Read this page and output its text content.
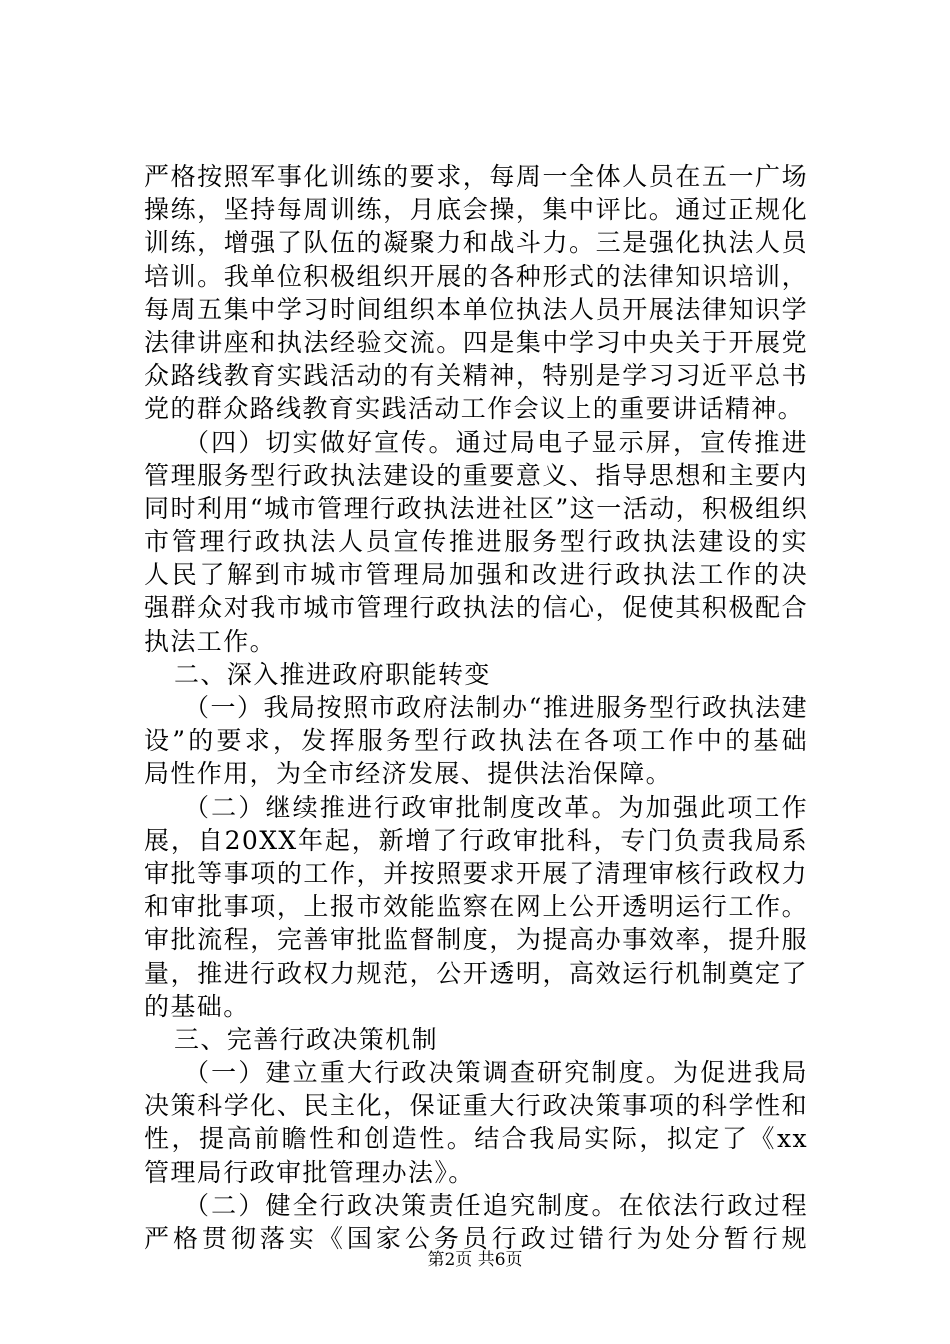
严格按照军事化训练的要求，每周一全体人员在五一广场
操练，坚持每周训练，月底会操，集中评比。通过正规化
训练，增强了队伍的凝聚力和战斗力。三是强化执法人员
培训。我单位积极组织开展的各种形式的法律知识培训，
每周五集中学习时间组织本单位执法人员开展法律知识学
法律讲座和执法经验交流。四是集中学习中央关于开展党
众路线教育实践活动的有关精神，特别是学习习近平总书
党的群众路线教育实践活动工作会议上的重要讲话精神。
（四）切实做好宣传。通过局电子显示屏，宣传推进
管理服务型行政执法建设的重要意义、指导思想和主要内
同时利用“城市管理行政执法进社区”这一活动，积极组织
市管理行政执法人员宣传推进服务型行政执法建设的实
人民了解到市城市管理局加强和改进行政执法工作的决
强群众对我市城市管理行政执法的信心，促使其积极配合
执法工作。
二、深入推进政府职能转变
（一）我局按照市政府法制办“推进服务型行政执法建
设”的要求，发挥服务型行政执法在各项工作中的基础
局性作用，为全市经济发展、提供法治保障。
（二）继续推进行政审批制度改革。为加强此项工作
展，自20XX年起，新增了行政审批科，专门负责我局系
审批等事项的工作，并按照要求开展了清理审核行政权力
和审批事项，上报市效能监察在网上公开透明运行工作。
审批流程，完善审批监督制度，为提高办事效率，提升服
量，推进行政权力规范，公开透明，高效运行机制奠定了
的基础。
三、完善行政决策机制
（一）建立重大行政决策调查研究制度。为促进我局
决策科学化、民主化，保证重大行政决策事项的科学性和
性，提高前瞻性和创造性。结合我局实际，拟定了《xx
管理局行政审批管理办法》。
（二）健全行政决策责任追究制度。在依法行政过程
严格贯彻落实《国家公务员行政过错行为处分暂行规
第2页 共6页
